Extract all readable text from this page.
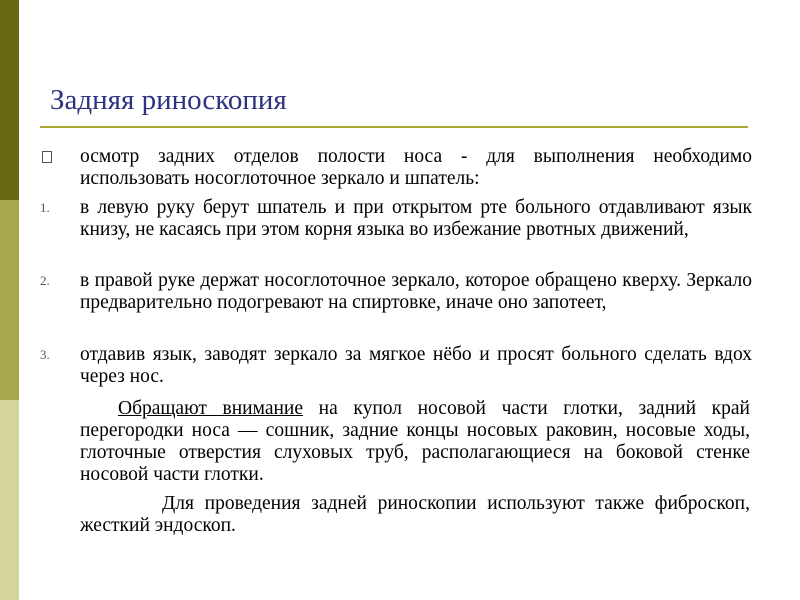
Задняя риноскопия
осмотр задних отделов полости носа - для выполнения необходимо использовать носоглоточное зеркало и шпатель:
1.	в левую руку берут шпатель и при открытом рте больного отдавливают язык книзу, не касаясь при этом корня языка во избежание рвотных движений,
2.	в правой руке держат носоглоточное зеркало, которое обращено кверху. Зеркало предварительно подогревают на спиртовке, иначе оно запотеет,
3.	отдавив язык, заводят зеркало за мягкое нёбо и просят больного сделать вдох через нос.
Обращают внимание на купол носовой части глотки, задний край перегородки носа — сошник, задние концы носовых раковин, носовые ходы, глоточные отверстия слуховых труб, располагающиеся на боковой стенке носовой части глотки.
Для проведения задней риноскопии используют также фиброскоп, жесткий эндоскоп.
